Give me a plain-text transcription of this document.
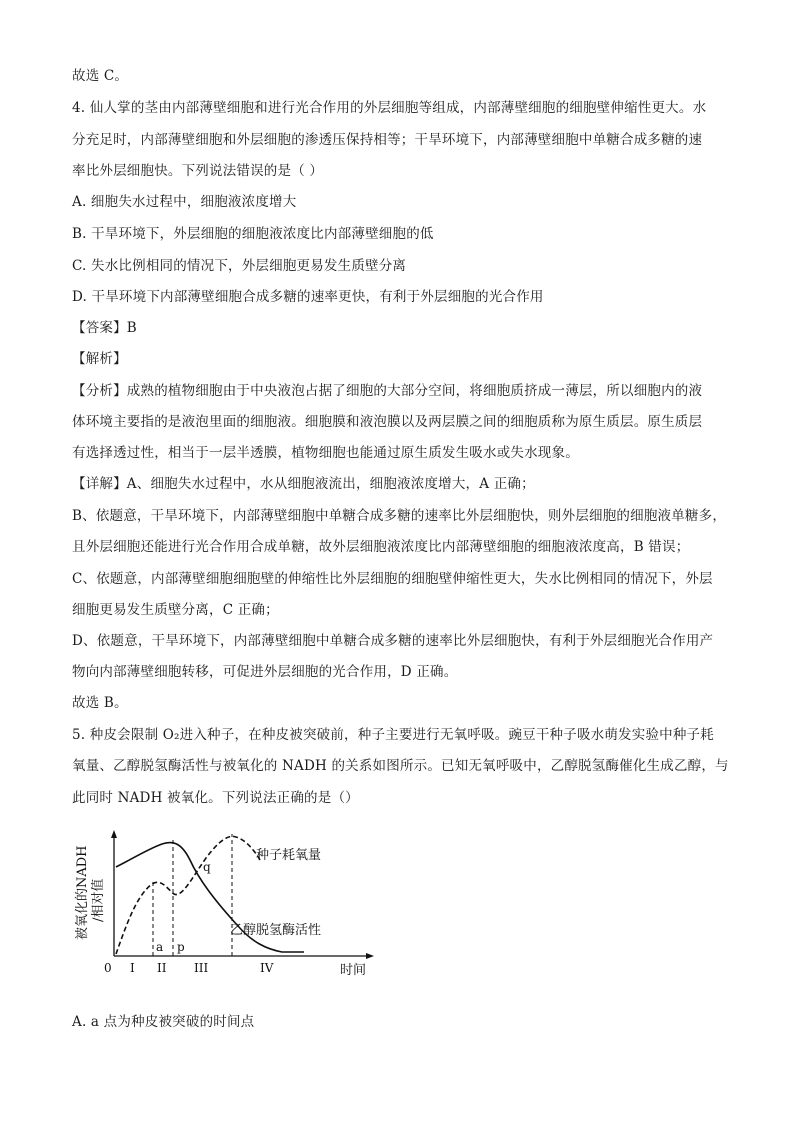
故选 C。
4. 仙人掌的茎由内部薄壁细胞和进行光合作用的外层细胞等组成，内部薄壁细胞的细胞壁伸缩性更大。水
分充足时，内部薄壁细胞和外层细胞的渗透压保持相等；干旱环境下，内部薄壁细胞中单糖合成多糖的速
率比外层细胞快。下列说法错误的是（ ）
A. 细胞失水过程中，细胞液浓度增大
B. 干旱环境下，外层细胞的细胞液浓度比内部薄壁细胞的低
C. 失水比例相同的情况下，外层细胞更易发生质壁分离
D. 干旱环境下内部薄壁细胞合成多糖的速率更快，有利于外层细胞的光合作用
【答案】B
【解析】
【分析】成熟的植物细胞由于中央液泡占据了细胞的大部分空间，将细胞质挤成一薄层，所以细胞内的液
体环境主要指的是液泡里面的细胞液。细胞膜和液泡膜以及两层膜之间的细胞质称为原生质层。原生质层
有选择透过性，相当于一层半透膜，植物细胞也能通过原生质发生吸水或失水现象。
【详解】A、细胞失水过程中，水从细胞液流出，细胞液浓度增大，A 正确；
B、依题意，干旱环境下，内部薄壁细胞中单糖合成多糖的速率比外层细胞快，则外层细胞的细胞液单糖多，
且外层细胞还能进行光合作用合成单糖，故外层细胞液浓度比内部薄壁细胞的细胞液浓度高，B 错误；
C、依题意，内部薄壁细胞细胞壁的伸缩性比外层细胞的细胞壁伸缩性更大，失水比例相同的情况下，外层
细胞更易发生质壁分离，C 正确；
D、依题意，干旱环境下，内部薄壁细胞中单糖合成多糖的速率比外层细胞快，有利于外层细胞光合作用产
物向内部薄壁细胞转移，可促进外层细胞的光合作用，D 正确。
故选 B。
5. 种皮会限制 O₂进入种子，在种皮被突破前，种子主要进行无氧呼吸。豌豆干种子吸水萌发实验中种子耗
氧量、乙醇脱氢酶活性与被氧化的 NADH 的关系如图所示。已知无氧呼吸中，乙醇脱氢酶催化生成乙醇，与
此同时 NADH 被氧化。下列说法正确的是（）
被氧化的NADH /相对值
0	时间
a p
q
种子耗氧量
乙醇脱氢酶活性
I II III	IV
A. a 点为种皮被突破的时间点
